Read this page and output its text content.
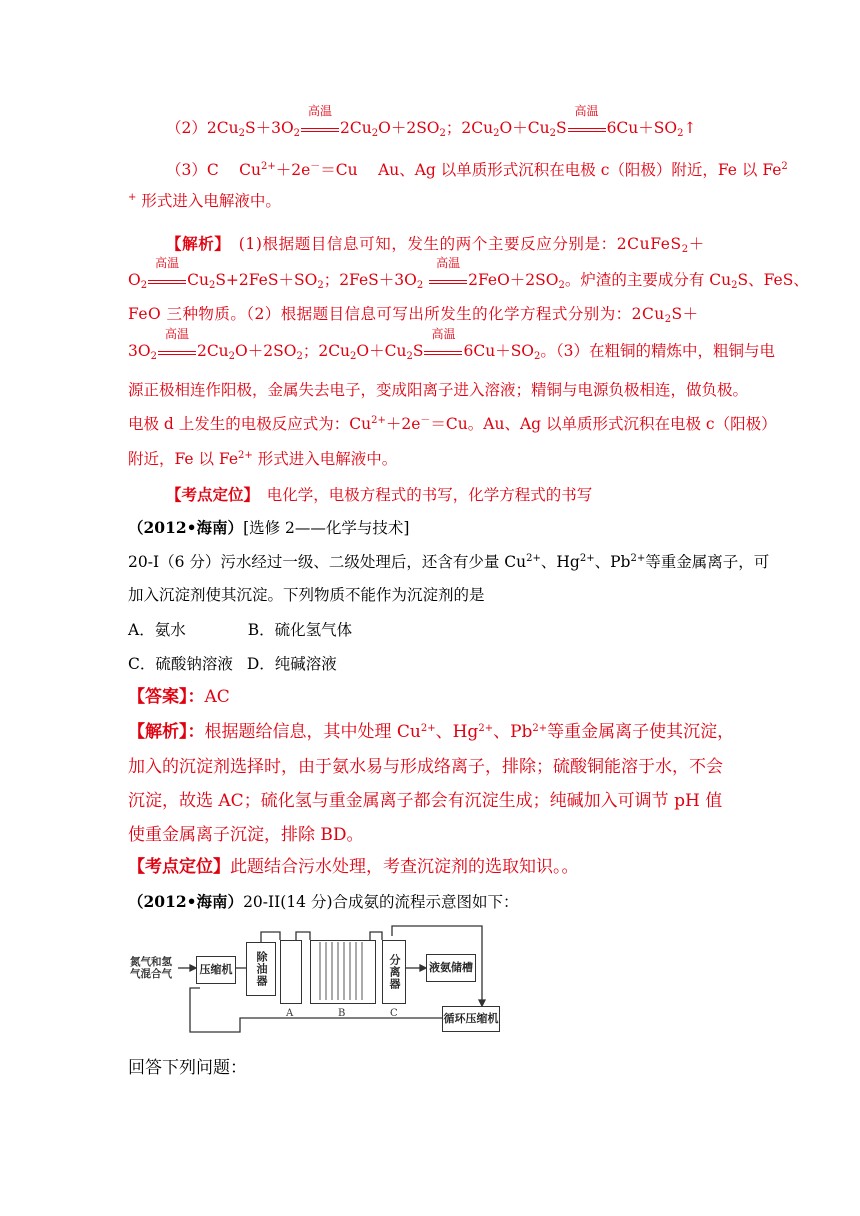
$(2)2Cu_2S+3O_2$
高温
$2Cu_2O+2SO_2$；$2Cu_2O+Cu_2S$
高温
$6Cu+SO_2↑$
（3）C　 $Cu^{2+}+2e^-=Cu$　 Au、Ag 以单质形式沉积在电极 c（阳极）附近，Fe 以 Fe$^2$
+ 形式进入电解液中。
【解析】　 (1)根据题目信息可知，发生的两个主要反应分别是：2CuFeS$_2$＋
$O_2$
高温
$Cu_2S+2FeS+SO_2$；$2FeS+3O_2$
高温
$2FeO+2SO_2$。炉渣的主要成分有 $Cu_2S$、FeS、
FeO 三种物质。（2）根据题目信息可写出所发生的化学方程式分别为：$2Cu_2S+$
$3O_2$
高温
$2Cu_2O+2SO_2$；$2Cu_2O+Cu_2S$
高温
$6Cu+SO_2$。（3）在粗铜的精炼中，粗铜与电
源正极相连作阳极，金属失去电子，变成阳离子进入溶液；精铜与电源负极相连，做负极。
电极 d 上发生的电极反应式为：$Cu^{2+}+2e^-=Cu$。Au、Ag 以单质形式沉积在电极 c（阳极）
附近，Fe 以 $Fe^{2+}$ 形式进入电解液中。
【考点定位】　 电化学，电极方程式的书写，化学方程式的书写
（2012•海南）[选修 2——化学与技术]
20-I（6 分）污水经过一级、二级处理后，还含有少量 $Cu^{2+}$、$Hg^{2+}$、$Pb^{2+}$等重金属离子，可
加入沉淀剂使其沉淀。下列物质不能作为沉淀剂的是
A．氨水	B．硫化氢气体
C．硫酸钠溶液 D．纯碱溶液
【答案】：AC
【解析】：根据题给信息，其中处理 $Cu^{2+}$、$Hg^{2+}$、$Pb^{2+}$等重金属离子使其沉淀，
加入的沉淀剂选择时，由于氨水易与形成络离子，排除；硫酸铜能溶于水，不会
沉淀，故选 AC；硫化氢与重金属离子都会有沉淀生成；纯碱加入可调节 pH 值
使重金属离子沉淀，排除 BD。
【考点定位】此题结合污水处理，考查沉淀剂的选取知识。。
（2012•海南）20-II(14 分)合成氨的流程示意图如下：
氮气和氢气混合气	压缩机 除油器	分离器	液氨储槽
循环压缩机
A	B	C
回答下列问题：
